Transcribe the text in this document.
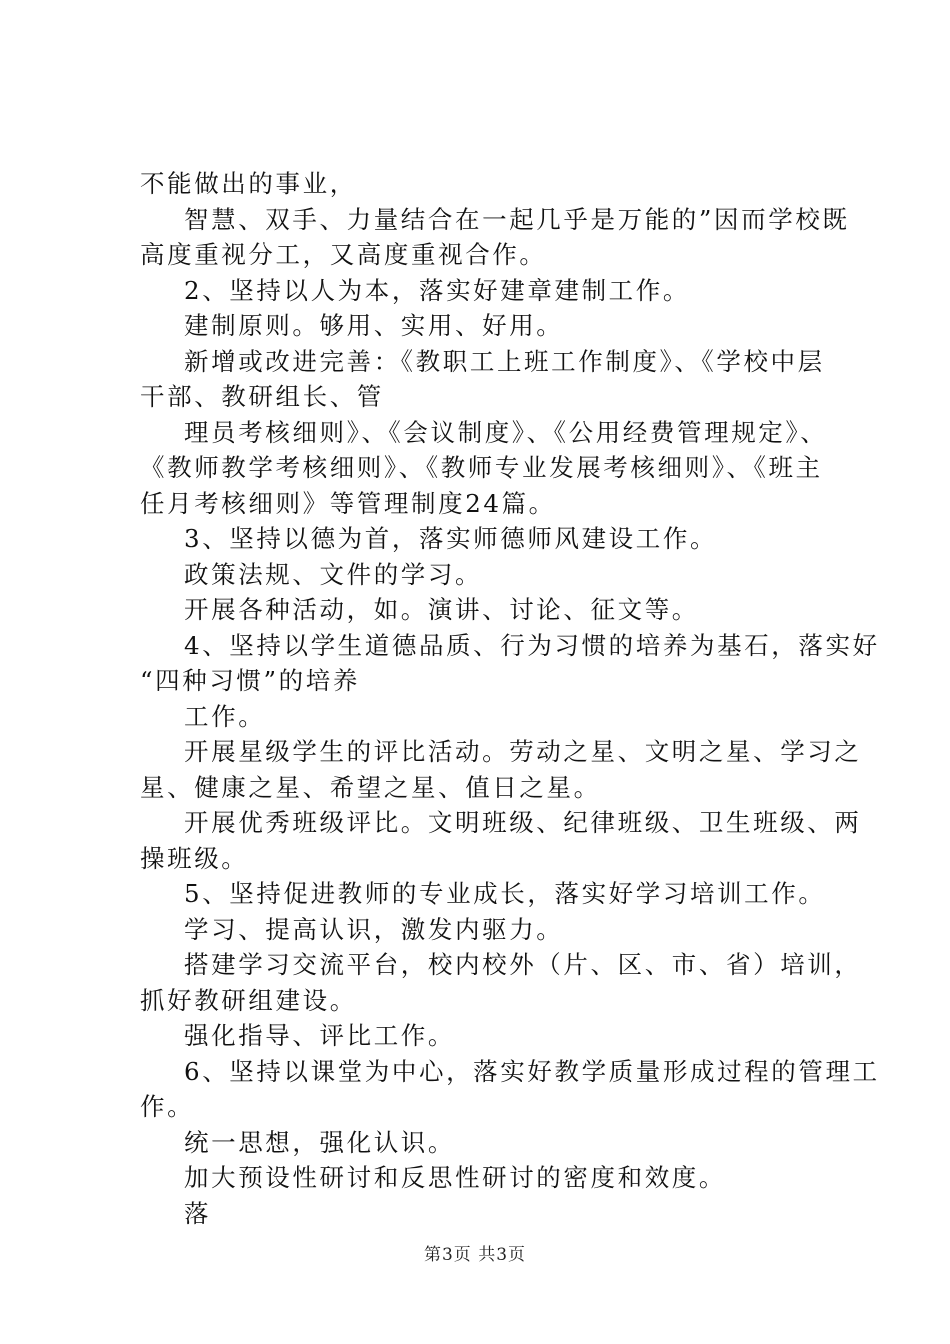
不能做出的事业，

智慧、双手、力量结合在一起几乎是万能的”因而学校既

高度重视分工，又高度重视合作。

2、坚持以人为本，落实好建章建制工作。

建制原则。够用、实用、好用。

新增或改进完善：《教职工上班工作制度》、《学校中层

干部、教研组长、管

理员考核细则》、《会议制度》、《公用经费管理规定》、

《教师教学考核细则》、《教师专业发展考核细则》、《班主

任月考核细则》等管理制度24篇。

3、坚持以德为首，落实师德师风建设工作。

政策法规、文件的学习。

开展各种活动，如。演讲、讨论、征文等。

4、坚持以学生道德品质、行为习惯的培养为基石，落实好

“四种习惯”的培养

工作。

开展星级学生的评比活动。劳动之星、文明之星、学习之

星、健康之星、希望之星、值日之星。

开展优秀班级评比。文明班级、纪律班级、卫生班级、两

操班级。

5、坚持促进教师的专业成长，落实好学习培训工作。

学习、提高认识，激发内驱力。

搭建学习交流平台，校内校外（片、区、市、省）培训，

抓好教研组建设。

强化指导、评比工作。

6、坚持以课堂为中心，落实好教学质量形成过程的管理工

作。

统一思想，强化认识。

加大预设性研讨和反思性研讨的密度和效度。

落

第3页 共3页
